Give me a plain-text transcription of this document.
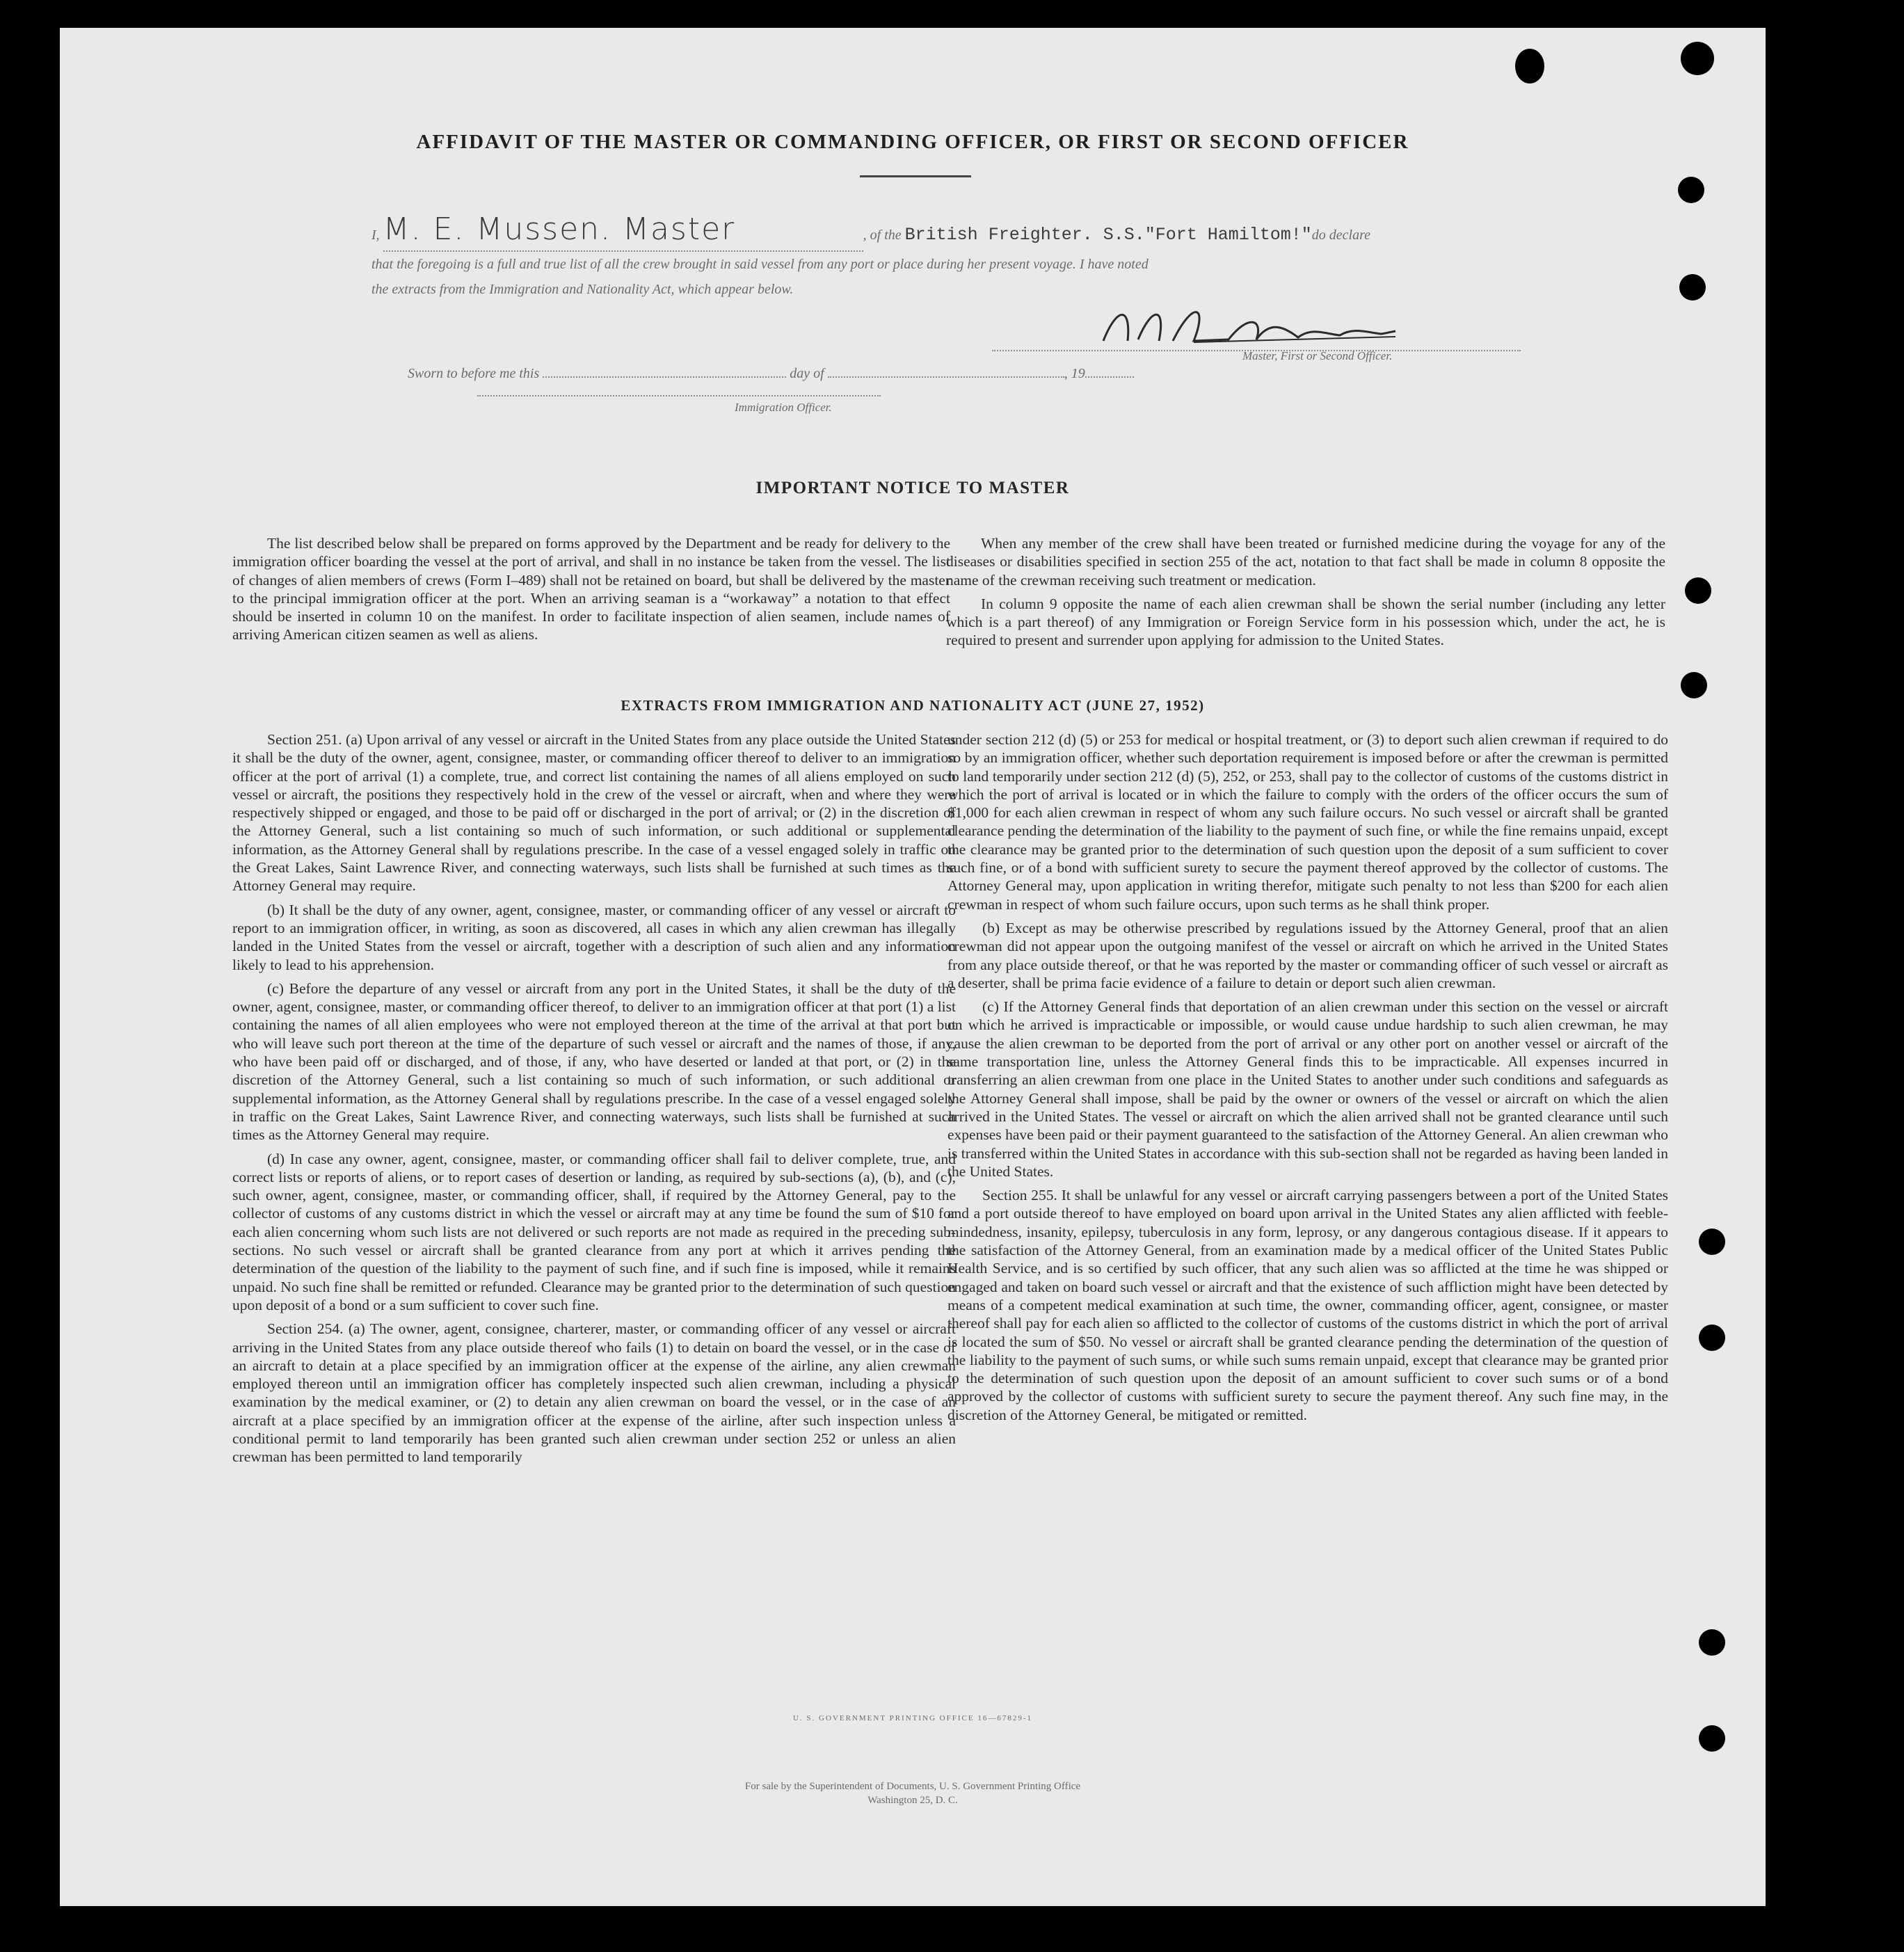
AFFIDAVIT OF THE MASTER OR COMMANDING OFFICER, OR FIRST OR SECOND OFFICER
I, M. E. Mussen. Master	, of the British Freighter. S.S."Fort Hamiltom!"do declare
that the foregoing is a full and true list of all the crew brought in said vessel from any port or place during her present voyage. I have noted
the extracts from the Immigration and Nationality Act, which appear below.
Master, First or Second Officer.
Sworn to before me this	day of	, 19
Immigration Officer.
IMPORTANT NOTICE TO MASTER

The list described below shall be prepared on forms approved by the Department and be ready for delivery to the immigration officer boarding the vessel at the port of arrival, and shall in no instance be taken from the vessel. The list of changes of alien members of crews (Form I–489) shall not be retained on board, but shall be delivered by the master to the principal immigration officer at the port. When an arriving seaman is a “workaway” a notation to that effect should be inserted in column 10 on the manifest. In order to facilitate inspection of alien seamen, include names of arriving American citizen seamen as well as aliens.

When any member of the crew shall have been treated or furnished medicine during the voyage for any of the diseases or disabilities specified in section 255 of the act, notation to that fact shall be made in column 8 opposite the name of the crewman receiving such treatment or medication.

In column 9 opposite the name of each alien crewman shall be shown the serial number (including any letter which is a part thereof) of any Immigration or Foreign Service form in his possession which, under the act, he is required to present and surrender upon applying for admission to the United States.

EXTRACTS FROM IMMIGRATION AND NATIONALITY ACT (JUNE 27, 1952)

Section 251. (a) Upon arrival of any vessel or aircraft in the United States from any place outside the United States it shall be the duty of the owner, agent, consignee, master, or commanding officer thereof to deliver to an immigration officer at the port of arrival (1) a complete, true, and correct list containing the names of all aliens employed on such vessel or aircraft, the positions they respectively hold in the crew of the vessel or aircraft, when and where they were respectively shipped or engaged, and those to be paid off or discharged in the port of arrival; or (2) in the discretion of the Attorney General, such a list containing so much of such information, or such additional or supplemental information, as the Attorney General shall by regulations prescribe. In the case of a vessel engaged solely in traffic on the Great Lakes, Saint Lawrence River, and connecting waterways, such lists shall be furnished at such times as the Attorney General may require.

(b) It shall be the duty of any owner, agent, consignee, master, or commanding officer of any vessel or aircraft to report to an immigration officer, in writing, as soon as discovered, all cases in which any alien crewman has illegally landed in the United States from the vessel or aircraft, together with a description of such alien and any information likely to lead to his apprehension.

(c) Before the departure of any vessel or aircraft from any port in the United States, it shall be the duty of the owner, agent, consignee, master, or commanding officer thereof, to deliver to an immigration officer at that port (1) a list containing the names of all alien employees who were not employed thereon at the time of the arrival at that port but who will leave such port thereon at the time of the departure of such vessel or aircraft and the names of those, if any, who have been paid off or discharged, and of those, if any, who have deserted or landed at that port, or (2) in the discretion of the Attorney General, such a list containing so much of such information, or such additional or supplemental information, as the Attorney General shall by regulations prescribe. In the case of a vessel engaged solely in traffic on the Great Lakes, Saint Lawrence River, and connecting waterways, such lists shall be furnished at such times as the Attorney General may require.

(d) In case any owner, agent, consignee, master, or commanding officer shall fail to deliver complete, true, and correct lists or reports of aliens, or to report cases of desertion or landing, as required by sub-sections (a), (b), and (c), such owner, agent, consignee, master, or commanding officer, shall, if required by the Attorney General, pay to the collector of customs of any customs district in which the vessel or aircraft may at any time be found the sum of $10 for each alien concerning whom such lists are not delivered or such reports are not made as required in the preceding sub-sections. No such vessel or aircraft shall be granted clearance from any port at which it arrives pending the determination of the question of the liability to the payment of such fine, and if such fine is imposed, while it remains unpaid. No such fine shall be remitted or refunded. Clearance may be granted prior to the determination of such question upon deposit of a bond or a sum sufficient to cover such fine.

Section 254. (a) The owner, agent, consignee, charterer, master, or commanding officer of any vessel or aircraft arriving in the United States from any place outside thereof who fails (1) to detain on board the vessel, or in the case of an aircraft to detain at a place specified by an immigration officer at the expense of the airline, any alien crewman employed thereon until an immigration officer has completely inspected such alien crewman, including a physical examination by the medical examiner, or (2) to detain any alien crewman on board the vessel, or in the case of an aircraft at a place specified by an immigration officer at the expense of the airline, after such inspection unless a conditional permit to land temporarily has been granted such alien crewman under section 252 or unless an alien crewman has been permitted to land temporarily

under section 212 (d) (5) or 253 for medical or hospital treatment, or (3) to deport such alien crewman if required to do so by an immigration officer, whether such deportation requirement is imposed before or after the crewman is permitted to land temporarily under section 212 (d) (5), 252, or 253, shall pay to the collector of customs of the customs district in which the port of arrival is located or in which the failure to comply with the orders of the officer occurs the sum of $1,000 for each alien crewman in respect of whom any such failure occurs. No such vessel or aircraft shall be granted clearance pending the determination of the liability to the payment of such fine, or while the fine remains unpaid, except the clearance may be granted prior to the determination of such question upon the deposit of a sum sufficient to cover such fine, or of a bond with sufficient surety to secure the payment thereof approved by the collector of customs. The Attorney General may, upon application in writing therefor, mitigate such penalty to not less than $200 for each alien crewman in respect of whom such failure occurs, upon such terms as he shall think proper.

(b) Except as may be otherwise prescribed by regulations issued by the Attorney General, proof that an alien crewman did not appear upon the outgoing manifest of the vessel or aircraft on which he arrived in the United States from any place outside thereof, or that he was reported by the master or commanding officer of such vessel or aircraft as a deserter, shall be prima facie evidence of a failure to detain or deport such alien crewman.

(c) If the Attorney General finds that deportation of an alien crewman under this section on the vessel or aircraft on which he arrived is impracticable or impossible, or would cause undue hardship to such alien crewman, he may cause the alien crewman to be deported from the port of arrival or any other port on another vessel or aircraft of the same transportation line, unless the Attorney General finds this to be impracticable. All expenses incurred in transferring an alien crewman from one place in the United States to another under such conditions and safeguards as the Attorney General shall impose, shall be paid by the owner or owners of the vessel or aircraft on which the alien arrived in the United States. The vessel or aircraft on which the alien arrived shall not be granted clearance until such expenses have been paid or their payment guaranteed to the satisfaction of the Attorney General. An alien crewman who is transferred within the United States in accordance with this sub-section shall not be regarded as having been landed in the United States.

Section 255. It shall be unlawful for any vessel or aircraft carrying passengers between a port of the United States and a port outside thereof to have employed on board upon arrival in the United States any alien afflicted with feeble-mindedness, insanity, epilepsy, tuberculosis in any form, leprosy, or any dangerous contagious disease. If it appears to the satisfaction of the Attorney General, from an examination made by a medical officer of the United States Public Health Service, and is so certified by such officer, that any such alien was so afflicted at the time he was shipped or engaged and taken on board such vessel or aircraft and that the existence of such affliction might have been detected by means of a competent medical examination at such time, the owner, commanding officer, agent, consignee, or master thereof shall pay for each alien so afflicted to the collector of customs of the customs district in which the port of arrival is located the sum of $50. No vessel or aircraft shall be granted clearance pending the determination of the question of the liability to the payment of such sums, or while such sums remain unpaid, except that clearance may be granted prior to the determination of such question upon the deposit of an amount sufficient to cover such sums or of a bond approved by the collector of customs with sufficient surety to secure the payment thereof. Any such fine may, in the discretion of the Attorney General, be mitigated or remitted.

U. S. GOVERNMENT PRINTING OFFICE 16—67829-1
For sale by the Superintendent of Documents, U. S. Government Printing Office
Washington 25, D. C.
